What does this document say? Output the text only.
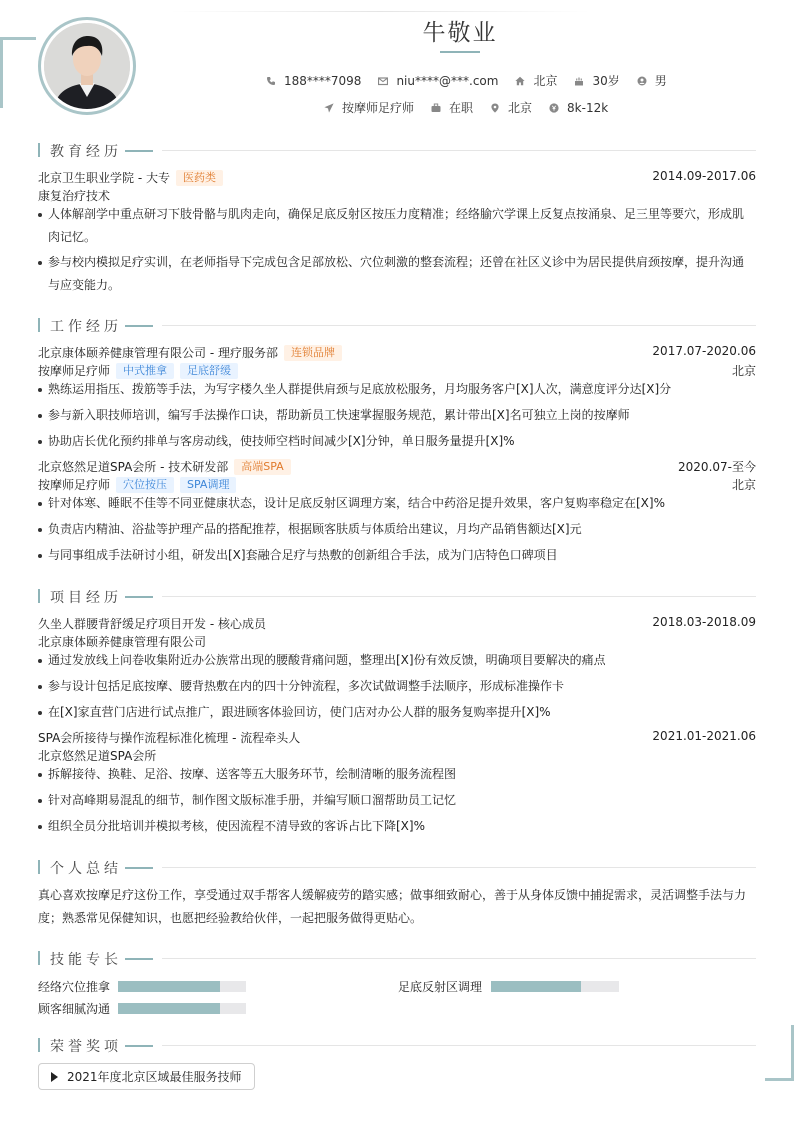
牛敬业
188****7098	niu****@***.com	北京	30岁	男
按摩师足疗师	在职	北京	8k-12k
教育经历
北京卫生职业学院 - 大专 医药类	2014.09-2017.06
康复治疗技术
人体解剖学中重点研习下肢骨骼与肌肉走向，确保足底反射区按压力度精准；经络腧穴学课上反复点按涌泉、足三里等要穴，形成肌
肉记忆。
参与校内模拟足疗实训，在老师指导下完成包含足部放松、穴位刺激的整套流程；还曾在社区义诊中为居民提供肩颈按摩，提升沟通
与应变能力。
工作经历
北京康体颐养健康管理有限公司 - 理疗服务部 连锁品牌	2017.07-2020.06
按摩师足疗师 中式推拿 足底舒缓	北京
熟练运用指压、拨筋等手法，为写字楼久坐人群提供肩颈与足底放松服务，月均服务客户[X]人次，满意度评分达[X]分
参与新入职技师培训，编写手法操作口诀，帮助新员工快速掌握服务规范，累计带出[X]名可独立上岗的按摩师
协助店长优化预约排单与客房动线，使技师空档时间减少[X]分钟，单日服务量提升[X]%
北京悠然足道SPA会所 - 技术研发部 高端SPA	2020.07-至今
按摩师足疗师 穴位按压 SPA调理	北京
针对体寒、睡眠不佳等不同亚健康状态，设计足底反射区调理方案，结合中药浴足提升效果，客户复购率稳定在[X]%
负责店内精油、浴盐等护理产品的搭配推荐，根据顾客肤质与体质给出建议，月均产品销售额达[X]元
与同事组成手法研讨小组，研发出[X]套融合足疗与热敷的创新组合手法，成为门店特色口碑项目
项目经历
久坐人群腰背舒缓足疗项目开发 - 核心成员	2018.03-2018.09
北京康体颐养健康管理有限公司
通过发放线上问卷收集附近办公族常出现的腰酸背痛问题，整理出[X]份有效反馈，明确项目要解决的痛点
参与设计包括足底按摩、腰背热敷在内的四十分钟流程，多次试做调整手法顺序，形成标准操作卡
在[X]家直营门店进行试点推广，跟进顾客体验回访，使门店对办公人群的服务复购率提升[X]%
SPA会所接待与操作流程标准化梳理 - 流程牵头人	2021.01-2021.06
北京悠然足道SPA会所
拆解接待、换鞋、足浴、按摩、送客等五大服务环节，绘制清晰的服务流程图
针对高峰期易混乱的细节，制作图文版标准手册，并编写顺口溜帮助员工记忆
组织全员分批培训并模拟考核，使因流程不清导致的客诉占比下降[X]%
个人总结
真心喜欢按摩足疗这份工作，享受通过双手帮客人缓解疲劳的踏实感；做事细致耐心，善于从身体反馈中捕捉需求，灵活调整手法与力
度；熟悉常见保健知识，也愿把经验教给伙伴，一起把服务做得更贴心。
技能专长
经络穴位推拿	足底反射区调理
顾客细腻沟通
荣誉奖项
2021年度北京区域最佳服务技师
